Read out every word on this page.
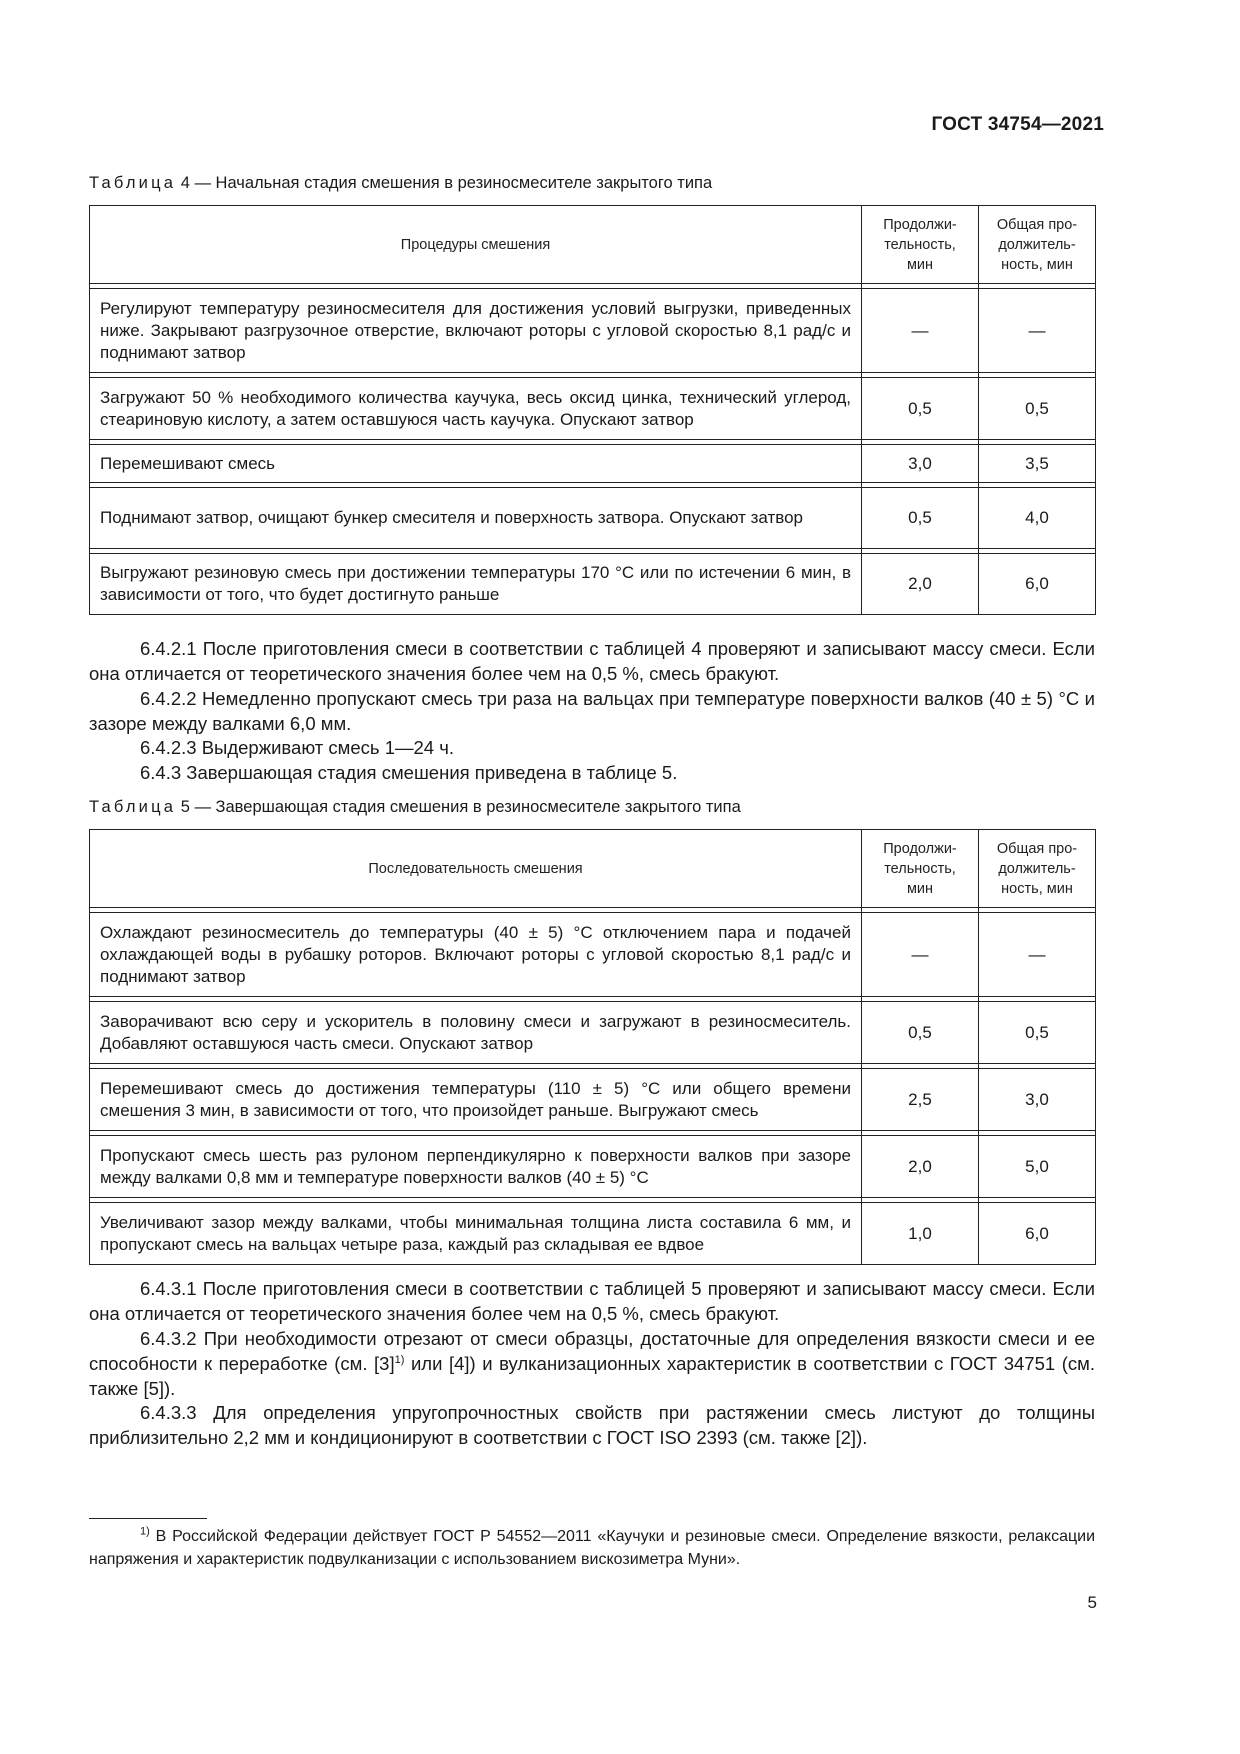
ГОСТ 34754—2021
Таблица 4 — Начальная стадия смешения в резиносмесителе закрытого типа
Процедуры смешения	Продолжи-тельность, мин	Общая про-должитель-ность, мин

Регулируют температуру резиносмесителя для достижения условий выгрузки, приведенных ниже. Закрывают разгрузочное отверстие, включают роторы с угловой скоростью 8,1 рад/с и поднимают затвор	—	—

Загружают 50 % необходимого количества каучука, весь оксид цинка, технический углерод, стеариновую кислоту, а затем оставшуюся часть каучука. Опускают затвор	0,5	0,5

Перемешивают смесь	3,0	3,5

Поднимают затвор, очищают бункер смесителя и поверхность затвора. Опускают затвор	0,5	4,0

Выгружают резиновую смесь при достижении температуры 170 °C или по истечении 6 мин, в зависимости от того, что будет достигнуто раньше	2,0	6,0
6.4.2.1 После приготовления смеси в соответствии с таблицей 4 проверяют и записывают массу смеси. Если она отличается от теоретического значения более чем на 0,5 %, смесь бракуют.
6.4.2.2 Немедленно пропускают смесь три раза на вальцах при температуре поверхности валков (40 ± 5) °С и зазоре между валками 6,0 мм.
6.4.2.3 Выдерживают смесь 1—24 ч.
6.4.3 Завершающая стадия смешения приведена в таблице 5.
Таблица 5 — Завершающая стадия смешения в резиносмесителе закрытого типа
Последовательность смешения	Продолжи-тельность, мин	Общая про-должитель-ность, мин

Охлаждают резиносмеситель до температуры (40 ± 5) °С отключением пара и подачей охлаждающей воды в рубашку роторов. Включают роторы с угловой скоростью 8,1 рад/с и поднимают затвор	—	—

Заворачивают всю серу и ускоритель в половину смеси и загружают в резиносмеситель. Добавляют оставшуюся часть смеси. Опускают затвор	0,5	0,5

Перемешивают смесь до достижения температуры (110 ± 5) °С или общего времени смешения 3 мин, в зависимости от того, что произойдет раньше. Выгружают смесь	2,5	3,0

Пропускают смесь шесть раз рулоном перпендикулярно к поверхности валков при зазоре между валками 0,8 мм и температуре поверхности валков (40 ± 5) °С	2,0	5,0

Увеличивают зазор между валками, чтобы минимальная толщина листа составила 6 мм, и пропускают смесь на вальцах четыре раза, каждый раз складывая ее вдвое	1,0	6,0
6.4.3.1 После приготовления смеси в соответствии с таблицей 5 проверяют и записывают массу смеси. Если она отличается от теоретического значения более чем на 0,5 %, смесь бракуют.
6.4.3.2 При необходимости отрезают от смеси образцы, достаточные для определения вязкости смеси и ее способности к переработке (см. $[3]^{1)}$ или [4]) и вулканизационных характеристик в соответствии с ГОСТ 34751 (см. также [5]).
6.4.3.3 Для определения упругопрочностных свойств при растяжении смесь листуют до толщины приблизительно 2,2 мм и кондиционируют в соответствии с ГОСТ ISO 2393 (см. также [2]).
$^{1)}$ В Российской Федерации действует ГОСТ Р 54552—2011 «Каучуки и резиновые смеси. Определение вязкости, релаксации напряжения и характеристик подвулканизации с использованием вискозиметра Муни».
5
